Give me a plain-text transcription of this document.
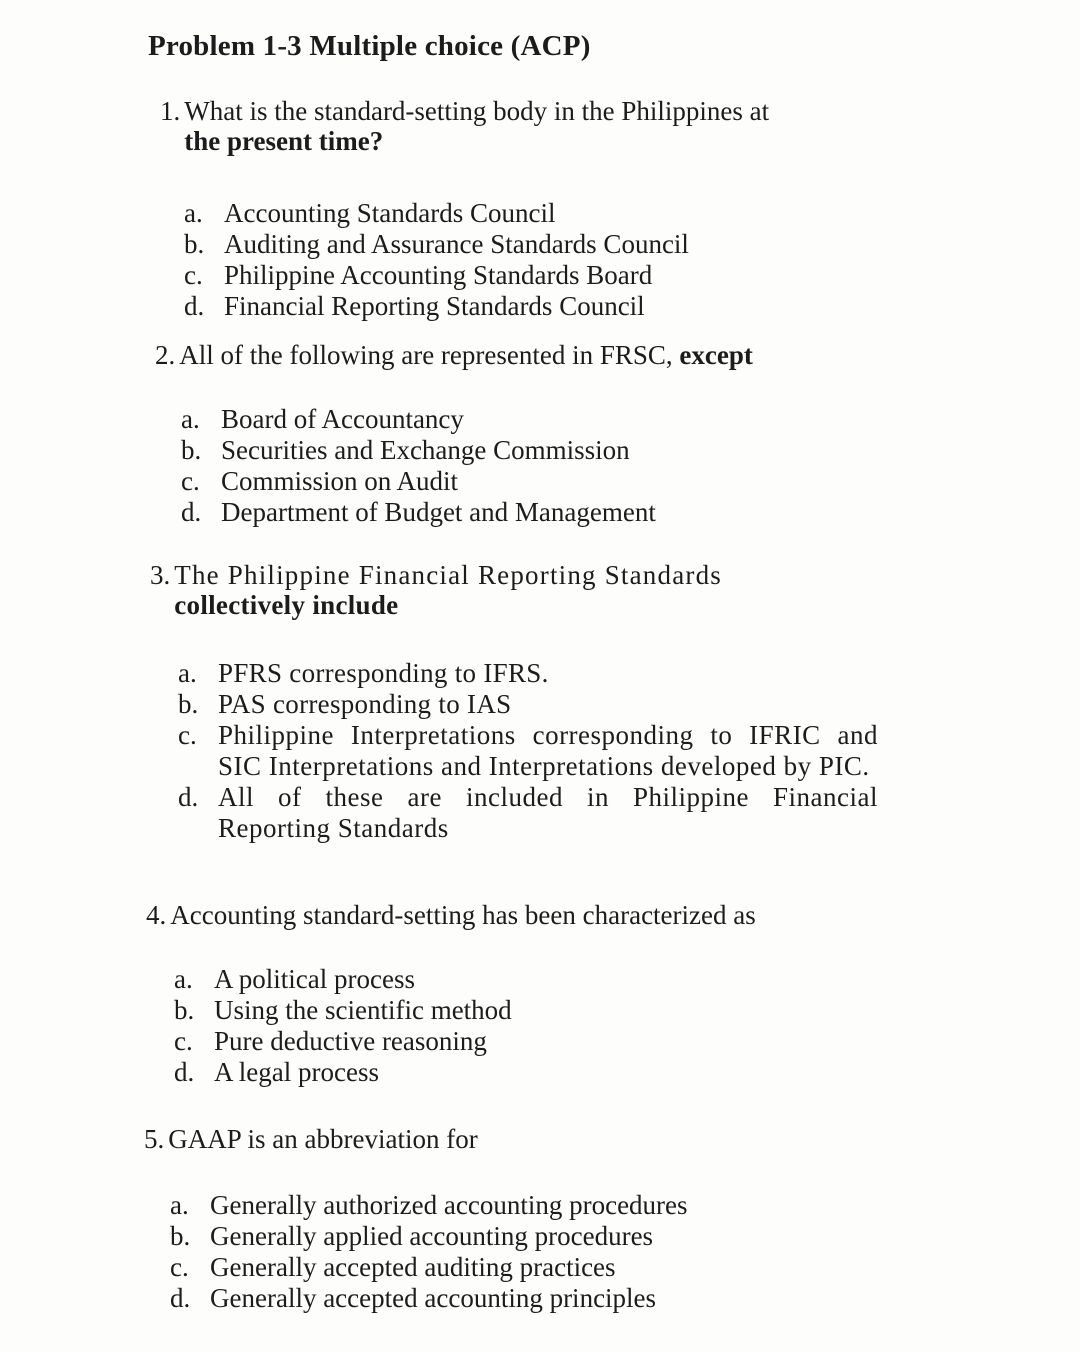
Problem 1-3 Multiple choice (ACP)
1. What is the standard-setting body in the Philippines at
the present time?
a. Accounting Standards Council
b. Auditing and Assurance Standards Council
c. Philippine Accounting Standards Board
d. Financial Reporting Standards Council
2. All of the following are represented in FRSC, except
a. Board of Accountancy
b. Securities and Exchange Commission
c. Commission on Audit
d. Department of Budget and Management
3. The Philippine Financial Reporting Standards
collectively include
a. PFRS corresponding to IFRS.
b. PAS corresponding to IAS
c. Philippine Interpretations corresponding to IFRIC and SIC Interpretations and Interpretations developed by PIC.
d. All of these are included in Philippine Financial Reporting Standards
4. Accounting standard-setting has been characterized as
a. A political process
b. Using the scientific method
c. Pure deductive reasoning
d. A legal process
5. GAAP is an abbreviation for
a. Generally authorized accounting procedures
b. Generally applied accounting procedures
c. Generally accepted auditing practices
d. Generally accepted accounting principles
